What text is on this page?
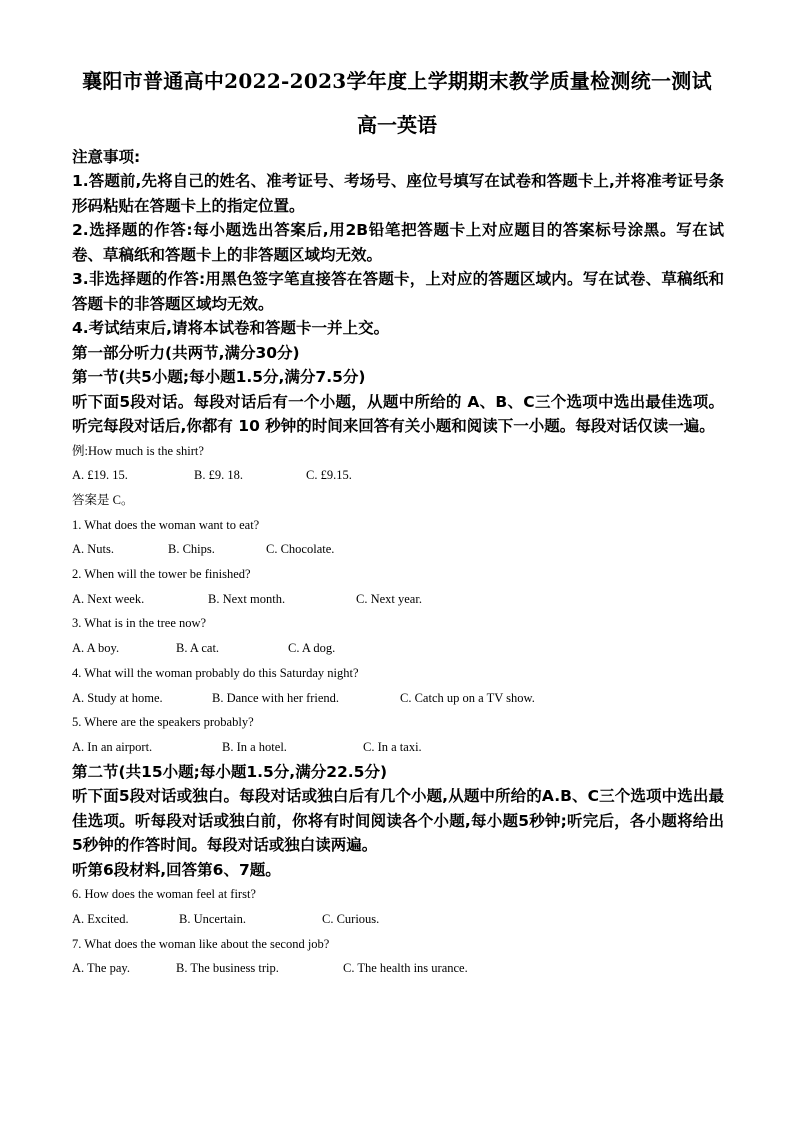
襄阳市普通高中2022-2023学年度上学期期末教学质量检测统一测试
高一英语

注意事项:

1.答题前,先将自己的姓名、准考证号、考场号、座位号填写在试卷和答题卡上,并将准考证号条形码粘贴在答题卡上的指定位置。

2.选择题的作答:每小题选出答案后,用2B铅笔把答题卡上对应题目的答案标号涂黑。写在试卷、草稿纸和答题卡上的非答题区域均无效。

3.非选择题的作答:用黑色签字笔直接答在答题卡，上对应的答题区域内。写在试卷、草稿纸和答题卡的非答题区域均无效。

4.考试结束后,请将本试卷和答题卡一并上交。

第一部分听力(共两节,满分30分)

第一节(共5小题;每小题1.5分,满分7.5分)

听下面5段对话。每段对话后有一个小题，从题中所给的 A、B、C三个选项中选出最佳选项。听完每段对话后,你都有 10 秒钟的时间来回答有关小题和阅读下一小题。每段对话仅读一遍。

例:How much is the shirt?

A. £19. 15.	B. £9. 18.	C. £9.15.

答案是 C。

1. What does the woman want to eat?

A. Nuts.	B. Chips.	C. Chocolate.

2. When will the tower be finished?

A. Next week.	B. Next month.	C. Next year.

3. What is in the tree now?

A. A boy.	B. A cat.	C. A dog.

4. What will the woman probably do this Saturday night?

A. Study at home.	B. Dance with her friend.	C. Catch up on a TV show.

5. Where are the speakers probably?

A. In an airport.	B. In a hotel.	C. In a taxi.

第二节(共15小题;每小题1.5分,满分22.5分)

听下面5段对话或独白。每段对话或独白后有几个小题,从题中所给的A.B、C三个选项中选出最佳选项。听每段对话或独白前，你将有时间阅读各个小题,每小题5秒钟;听完后，各小题将给出5秒钟的作答时间。每段对话或独白读两遍。

听第6段材料,回答第6、7题。

6. How does the woman feel at first?

A. Excited.	B. Uncertain.	C. Curious.

7. What does the woman like about the second job?

A. The pay.	B. The business trip.	C. The health ins urance.
